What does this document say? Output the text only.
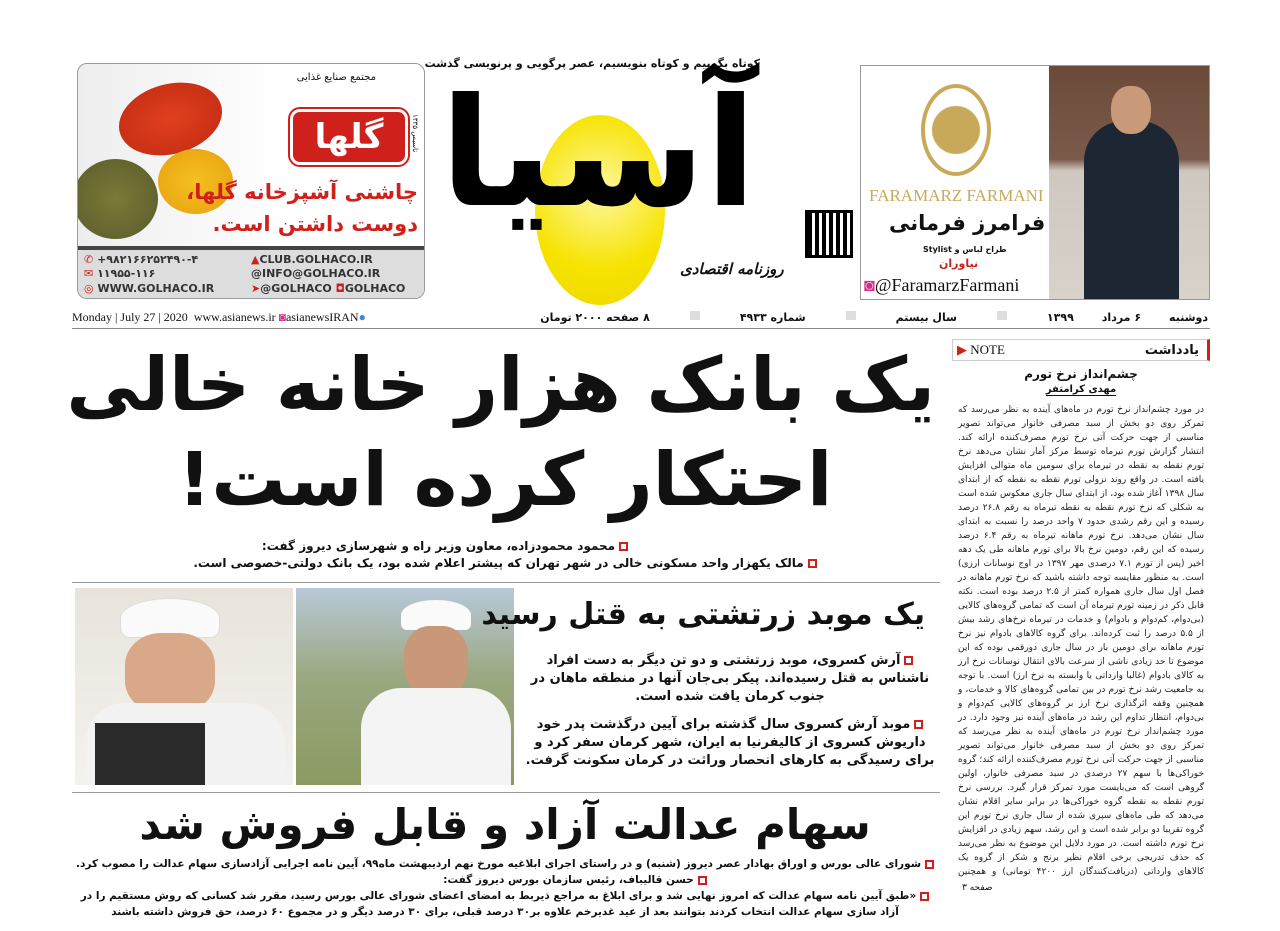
مجتمع صنایع غذایی
گلها	تاسیس ۱۳۳۵
چاشنی آشپزخانه گلها،
دوست داشتن است.
✆ +۹۸۲۱۶۶۲۵۲۴۹۰-۴	▲CLUB.GOLHACO.IR
✉ ۱۱۹۵۵-۱۱۶	@INFO@GOLHACO.IR
◎ WWW.GOLHACO.IR	➤@GOLHACO ◘GOLHACO
کوتاه بگوییم و کوتاه بنویسیم، عصر پرگویی و پرنویسی گذشت
آسیا
روزنامه اقتصادی
FARAMARZ FARMANI
فرامرز فرمانی
طراح لباس و Stylist
نیاوران
◙@FaramarzFarmani
Monday | July 27 | 2020 www.asianews.ir ◙asianewsIRAN●	دوشنبه
۶ مرداد
۱۳۹۹
سال بیستم
شماره ۴۹۳۳
۸ صفحه ۲۰۰۰ تومان
یک بانک هزار خانه خالی
احتکار کرده است!
محمود محمودزاده، معاون وزیر راه و شهرسازی دیروز گفت:
مالک یکهزار واحد مسکونی خالی در شهر تهران که پیشتر اعلام شده بود، یک بانک دولتی-خصوصی است.
یک موبد زرتشتی به قتل رسید
آرش کسروی، موبد زرتشتی و دو تن دیگر به دست افراد ناشناس به قتل رسیده‌اند. پیکر بی‌جان آنها در منطقه ماهان در جنوب کرمان یافت شده است.
موبد آرش کسروی سال گذشته برای آیین درگذشت پدر خود داریوش کسروی از کالیفرنیا به ایران، شهر کرمان سفر کرد و برای رسیدگی به کارهای انحصار وراثت در کرمان سکونت گرفت.
سهام عدالت آزاد و قابل فروش شد
شورای عالی بورس و اوراق بهادار عصر دیروز (شنبه) و در راستای اجرای ابلاغیه مورخ نهم اردیبهشت ماه۹۹، آیین نامه اجرایی آزادسازی سهام عدالت را مصوب کرد.
حسن قالیباف، رئیس سازمان بورس دیروز گفت:
«طبق آیین نامه سهام عدالت که امروز نهایی شد و برای ابلاغ به مراجع ذیربط به امضای اعضای شورای عالی بورس رسید، مقرر شد کسانی که روش مستقیم را در آزاد سازی سهام عدالت انتخاب کردند بتوانند بعد از عید غدیرخم علاوه بر۳۰ درصد قبلی، برای ۳۰ درصد دیگر و در مجموع ۶۰ درصد، حق فروش داشته باشند
▶ NOTE	یادداشت
چشم‌انداز نرخ تورم
مهدی کرامتفر
در مورد چشم‌انداز نرخ تورم در ماه‌های آینده به نظر می‌رسد که تمرکز روی دو بخش از سبد مصرفی خانوار می‌تواند تصویر مناسبی از جهت حرکت آتی نرخ تورم مصرف‌کننده ارائه کند. انتشار گزارش تورم تیرماه توسط مرکز آمار نشان می‌دهد نرخ تورم نقطه به نقطه در تیرماه برای سومین ماه متوالی افزایش یافته است. در واقع روند نزولی تورم نقطه به نقطه که از ابتدای سال ۱۳۹۸ آغاز شده بود، از ابتدای سال جاری معکوس شده است به شکلی که نرخ تورم نقطه به نقطه تیرماه به رقم ۲۶.۸ درصد رسیده و این رقم رشدی حدود ۷ واحد درصد را نسبت به ابتدای سال نشان می‌دهد. نرخ تورم ماهانه تیرماه به رقم ۶.۴ درصد رسیده که این رقم، دومین نرخ بالا برای تورم ماهانه طی یک دهه اخیر (پس از تورم ۷.۱ درصدی مهر ۱۳۹۷ در اوج نوسانات ارزی) است. به منظور مقایسه توجه داشته باشید که نرخ تورم ماهانه در فصل اول سال جاری همواره کمتر از ۲.۵ درصد بوده است. نکته قابل ذکر در زمینه تورم تیرماه آن است که تمامی گروه‌های کالایی (بی‌دوام، کم‌دوام و بادوام) و خدمات در تیرماه نرخ‌های رشد بیش از ۵.۵ درصد را ثبت کرده‌اند. برای گروه کالاهای بادوام نیز نرخ تورم ماهانه برای دومین بار در سال جاری دورقمی بوده که این موضوع تا حد زیادی ناشی از سرعت بالای انتقال نوسانات نرخ ارز به کالای بادوام (غالبا وارداتی یا وابسته به نرخ ارز) است. با توجه به جامعیت رشد نرخ تورم در بین تمامی گروه‌های کالا و خدمات، و همچنین وقفه اثرگذاری نرخ ارز بر گروه‌های کالایی کم‌دوام و بی‌دوام، انتظار تداوم این رشد در ماه‌های آینده نیز وجود دارد. در مورد چشم‌انداز نرخ تورم در ماه‌های آینده به نظر می‌رسد که تمرکز روی دو بخش از سبد مصرفی خانوار می‌تواند تصویر مناسبی از جهت حرکت آتی نرخ تورم مصرف‌کننده ارائه کند؛ گروه خوراکی‌ها با سهم ۲۷ درصدی در سبد مصرفی خانوار، اولین گروهی است که می‌بایست مورد تمرکز قرار گیرد. بررسی نرخ تورم نقطه به نقطه گروه خوراکی‌ها در برابر سایر اقلام نشان می‌دهد که طی ماه‌های سپری شده از سال جاری نرخ تورم این گروه تقریبا دو برابر شده است و این رشد، سهم زیادی در افزایش نرخ تورم داشته است. در مورد دلایل این موضوع به نظر می‌رسد که حذف تدریجی برخی اقلام نظیر برنج و شکر از گروه یک کالاهای وارداتی (دریافت‌کنندگان ارز ۴۲۰۰ تومانی) و همچنین
صفحه ۳
